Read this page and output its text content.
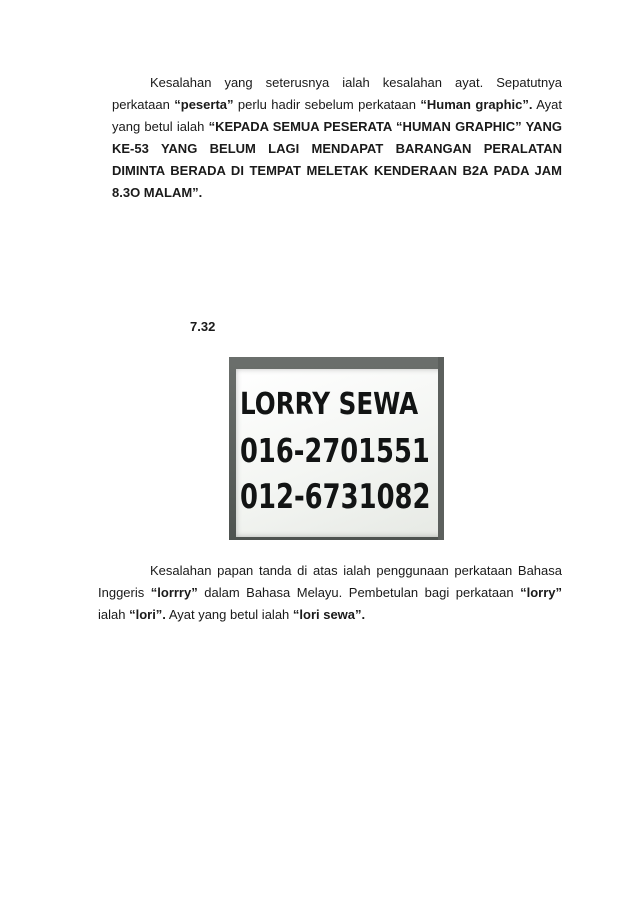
Kesalahan yang seterusnya ialah kesalahan ayat. Sepatutnya perkataan “peserta” perlu hadir sebelum perkataan “Human graphic”. Ayat yang betul ialah “KEPADA SEMUA PESERATA “HUMAN GRAPHIC” YANG KE-53 YANG BELUM LAGI MENDAPAT BARANGAN PERALATAN DIMINTA BERADA DI TEMPAT MELETAK KENDERAAN B2A PADA JAM 8.3O MALAM”.
7.32
LORRY SEWA
016-2701551
012-6731082
Kesalahan papan tanda di atas ialah penggunaan perkataan Bahasa Inggeris “lorrry” dalam Bahasa Melayu. Pembetulan bagi perkataan “lorry” ialah “lori”. Ayat yang betul ialah “lori sewa”.
